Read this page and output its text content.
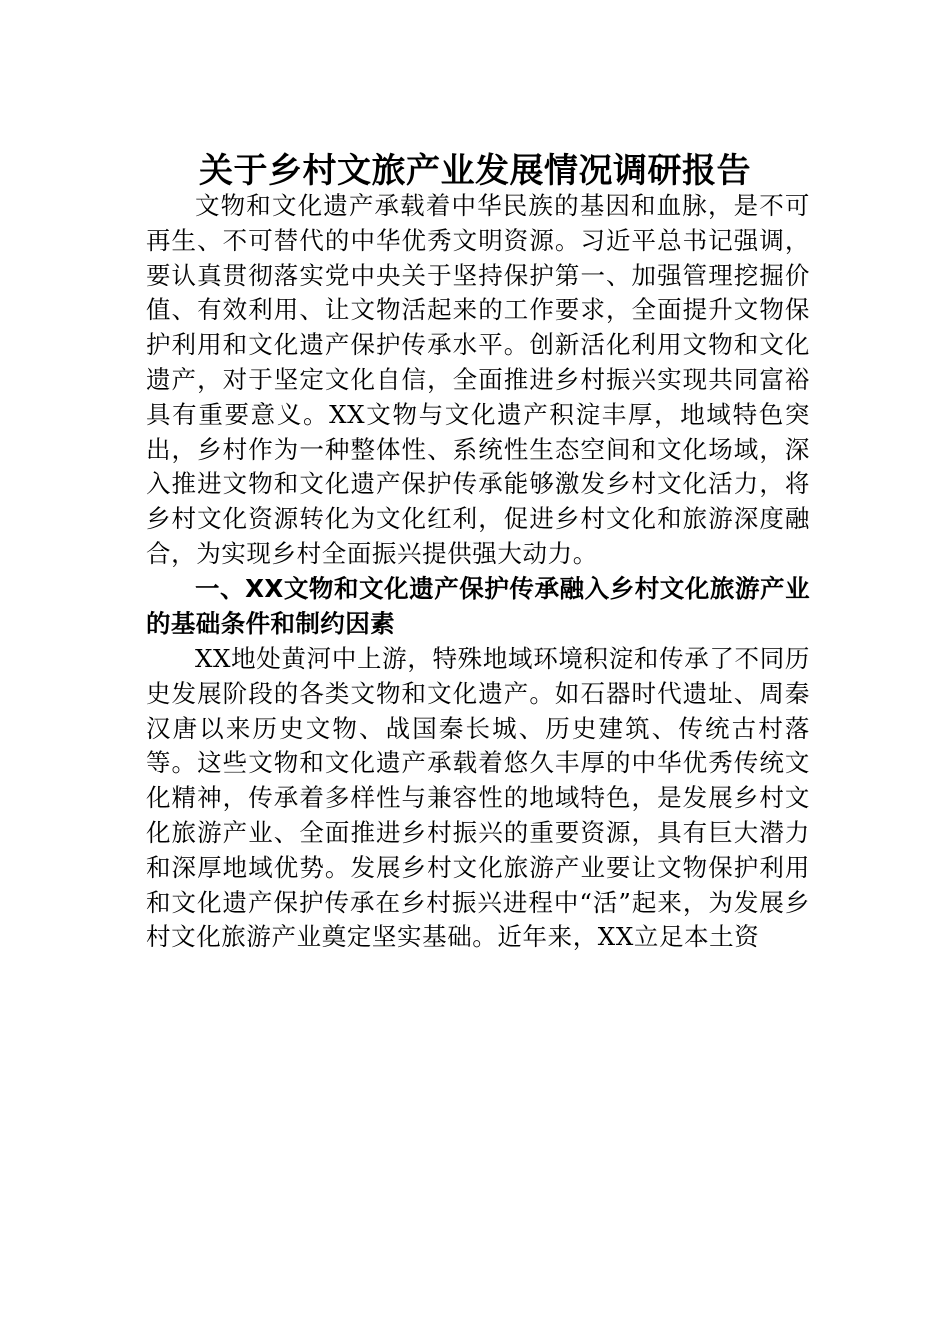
关于乡村文旅产业发展情况调研报告

文物和文化遗产承载着中华民族的基因和血脉，是不可再生、不可替代的中华优秀文明资源。习近平总书记强调，要认真贯彻落实党中央关于坚持保护第一、加强管理挖掘价值、有效利用、让文物活起来的工作要求，全面提升文物保护利用和文化遗产保护传承水平。创新活化利用文物和文化遗产，对于坚定文化自信，全面推进乡村振兴实现共同富裕具有重要意义。XX文物与文化遗产积淀丰厚，地域特色突出，乡村作为一种整体性、系统性生态空间和文化场域，深入推进文物和文化遗产保护传承能够激发乡村文化活力，将乡村文化资源转化为文化红利，促进乡村文化和旅游深度融合，为实现乡村全面振兴提供强大动力。

一、XX文物和文化遗产保护传承融入乡村文化旅游产业的基础条件和制约因素

XX地处黄河中上游，特殊地域环境积淀和传承了不同历史发展阶段的各类文物和文化遗产。如石器时代遗址、周秦汉唐以来历史文物、战国秦长城、历史建筑、传统古村落等。这些文物和文化遗产承载着悠久丰厚的中华优秀传统文化精神，传承着多样性与兼容性的地域特色，是发展乡村文化旅游产业、全面推进乡村振兴的重要资源，具有巨大潜力和深厚地域优势。发展乡村文化旅游产业要让文物保护利用和文化遗产保护传承在乡村振兴进程中“活”起来，为发展乡村文化旅游产业奠定坚实基础。近年来，XX立足本土资
